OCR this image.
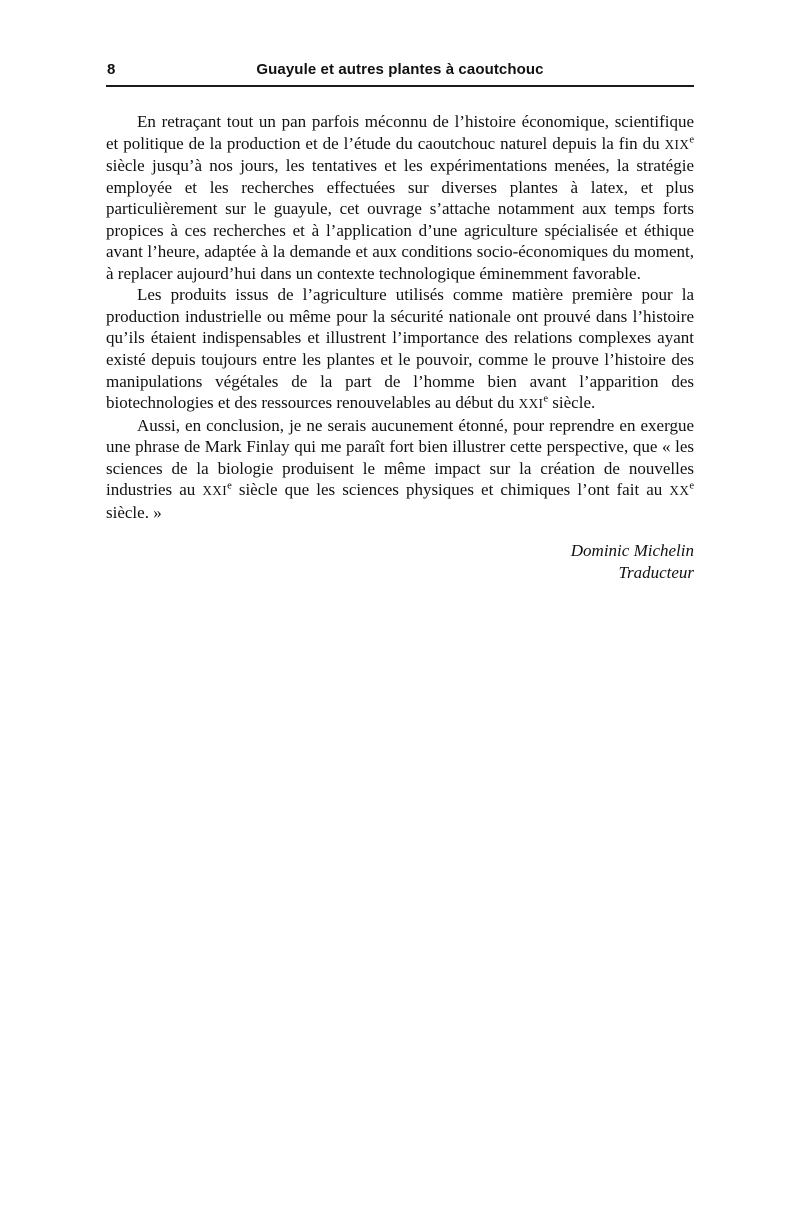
8	Guayule et autres plantes à caoutchouc

En retraçant tout un pan parfois méconnu de l’histoire économique, scientifique et politique de la production et de l’étude du caoutchouc naturel depuis la fin du XIXe siècle jusqu’à nos jours, les tentatives et les expérimentations menées, la stratégie employée et les recherches effectuées sur diverses plantes à latex, et plus particulièrement sur le guayule, cet ouvrage s’attache notamment aux temps forts propices à ces recherches et à l’application d’une agriculture spécialisée et éthique avant l’heure, adaptée à la demande et aux conditions socio-économiques du moment, à replacer aujourd’hui dans un contexte technologique éminemment favorable.

Les produits issus de l’agriculture utilisés comme matière première pour la production industrielle ou même pour la sécurité nationale ont prouvé dans l’histoire qu’ils étaient indispensables et illustrent l’importance des relations complexes ayant existé depuis toujours entre les plantes et le pouvoir, comme le prouve l’histoire des manipulations végétales de la part de l’homme bien avant l’apparition des biotechnologies et des ressources renouvelables au début du XXIe siècle.

Aussi, en conclusion, je ne serais aucunement étonné, pour reprendre en exergue une phrase de Mark Finlay qui me paraît fort bien illustrer cette perspective, que « les sciences de la biologie produisent le même impact sur la création de nouvelles industries au XXIe siècle que les sciences physiques et chimiques l’ont fait au XXe siècle. »

Dominic Michelin
Traducteur
